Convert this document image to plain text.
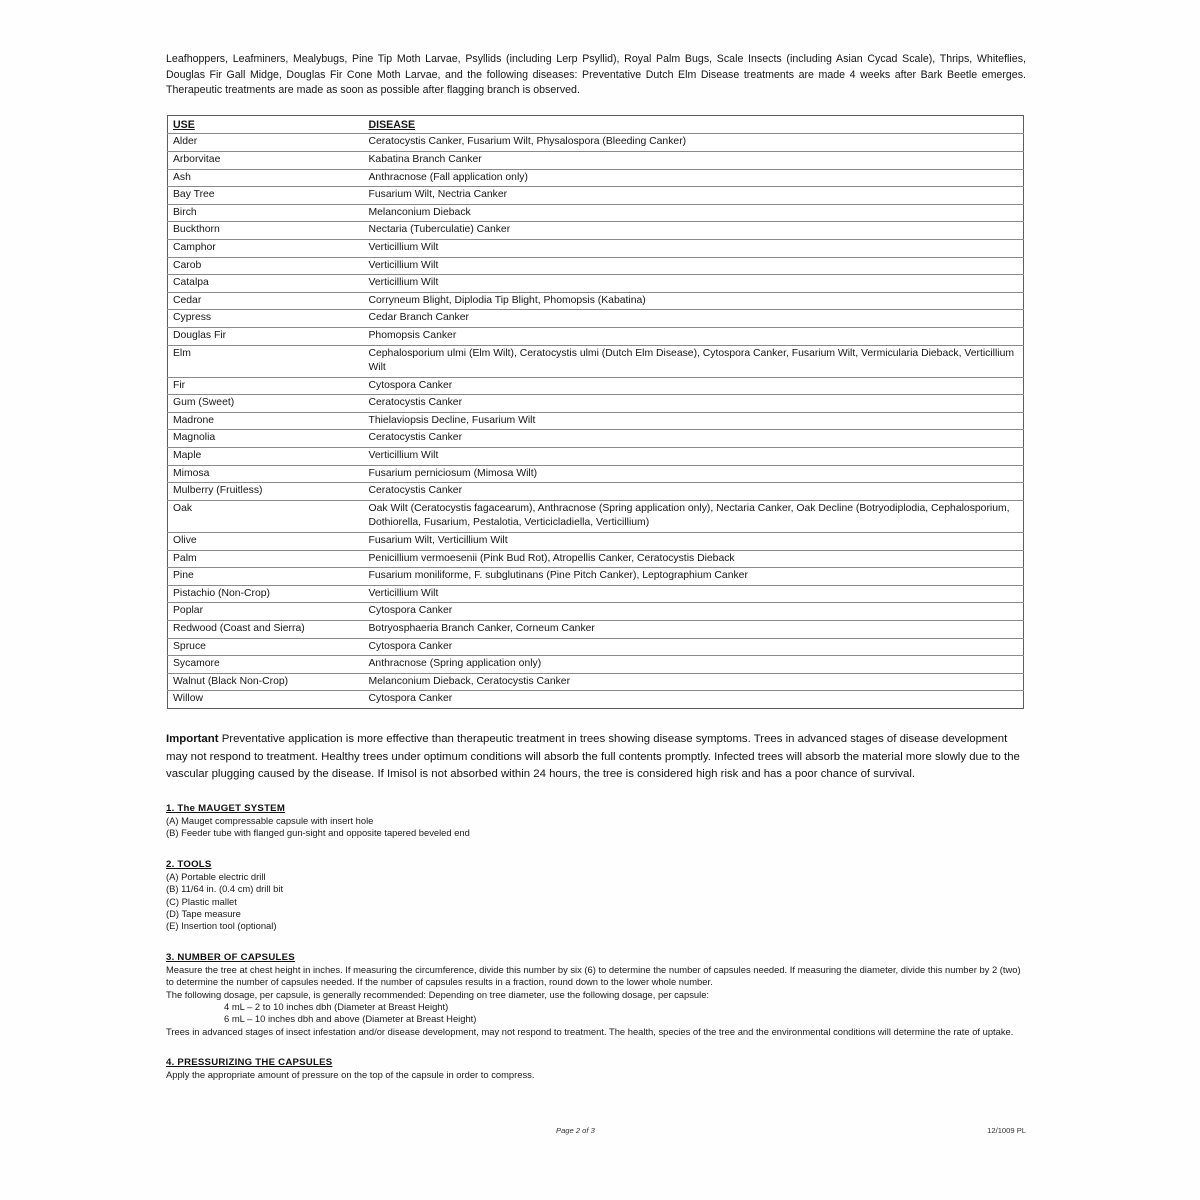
Leafhoppers, Leafminers, Mealybugs, Pine Tip Moth Larvae, Psyllids (including Lerp Psyllid), Royal Palm Bugs, Scale Insects (including Asian Cycad Scale), Thrips, Whiteflies, Douglas Fir Gall Midge, Douglas Fir Cone Moth Larvae, and the following diseases: Preventative Dutch Elm Disease treatments are made 4 weeks after Bark Beetle emerges. Therapeutic treatments are made as soon as possible after flagging branch is observed.

USE	DISEASE
Alder	Ceratocystis Canker, Fusarium Wilt, Physalospora (Bleeding Canker)
Arborvitae	Kabatina Branch Canker
Ash	Anthracnose (Fall application only)
Bay Tree	Fusarium Wilt, Nectria Canker
Birch	Melanconium Dieback
Buckthorn	Nectaria (Tuberculatie) Canker
Camphor	Verticillium Wilt
Carob	Verticillium Wilt
Catalpa	Verticillium Wilt
Cedar	Corryneum Blight, Diplodia Tip Blight, Phomopsis (Kabatina)
Cypress	Cedar Branch Canker
Douglas Fir	Phomopsis Canker
Elm	Cephalosporium ulmi (Elm Wilt), Ceratocystis ulmi (Dutch Elm Disease), Cytospora Canker, Fusarium Wilt, Vermicularia Dieback, Verticillium Wilt
Fir	Cytospora Canker
Gum (Sweet)	Ceratocystis Canker
Madrone	Thielaviopsis Decline, Fusarium Wilt
Magnolia	Ceratocystis Canker
Maple	Verticillium Wilt
Mimosa	Fusarium perniciosum (Mimosa Wilt)
Mulberry (Fruitless)	Ceratocystis Canker
Oak	Oak Wilt (Ceratocystis fagacearum), Anthracnose (Spring application only), Nectaria Canker, Oak Decline (Botryodiplodia, Cephalosporium, Dothiorella, Fusarium, Pestalotia, Verticicladiella, Verticillium)
Olive	Fusarium Wilt, Verticillium Wilt
Palm	Penicillium vermoesenii (Pink Bud Rot), Atropellis Canker, Ceratocystis Dieback
Pine	Fusarium moniliforme, F. subglutinans (Pine Pitch Canker), Leptographium Canker
Pistachio (Non-Crop)	Verticillium Wilt
Poplar	Cytospora Canker
Redwood (Coast and Sierra)	Botryosphaeria Branch Canker, Corneum Canker
Spruce	Cytospora Canker
Sycamore	Anthracnose (Spring application only)
Walnut (Black Non-Crop)	Melanconium Dieback, Ceratocystis Canker
Willow	Cytospora Canker
Important Preventative application is more effective than therapeutic treatment in trees showing disease symptoms. Trees in advanced stages of disease development may not respond to treatment. Healthy trees under optimum conditions will absorb the full contents promptly. Infected trees will absorb the material more slowly due to the vascular plugging caused by the disease. If Imisol is not absorbed within 24 hours, the tree is considered high risk and has a poor chance of survival.
1. The MAUGET SYSTEM
(A) Mauget compressable capsule with insert hole
(B) Feeder tube with flanged gun-sight and opposite tapered beveled end
2. TOOLS
(A) Portable electric drill
(B) 11/64 in. (0.4 cm) drill bit
(C) Plastic mallet
(D) Tape measure
(E) Insertion tool (optional)
3. NUMBER OF CAPSULES
Measure the tree at chest height in inches. If measuring the circumference, divide this number by six (6) to determine the number of capsules needed. If measuring the diameter, divide this number by 2 (two) to determine the number of capsules needed. If the number of capsules results in a fraction, round down to the lower whole number.
The following dosage, per capsule, is generally recommended: Depending on tree diameter, use the following dosage, per capsule:
4 mL – 2 to 10 inches dbh (Diameter at Breast Height)
6 mL – 10 inches dbh and above (Diameter at Breast Height)
Trees in advanced stages of insect infestation and/or disease development, may not respond to treatment. The health, species of the tree and the environmental conditions will determine the rate of uptake.
4. PRESSURIZING THE CAPSULES
Apply the appropriate amount of pressure on the top of the capsule in order to compress.
Page 2 of 3	12/1009 PL
